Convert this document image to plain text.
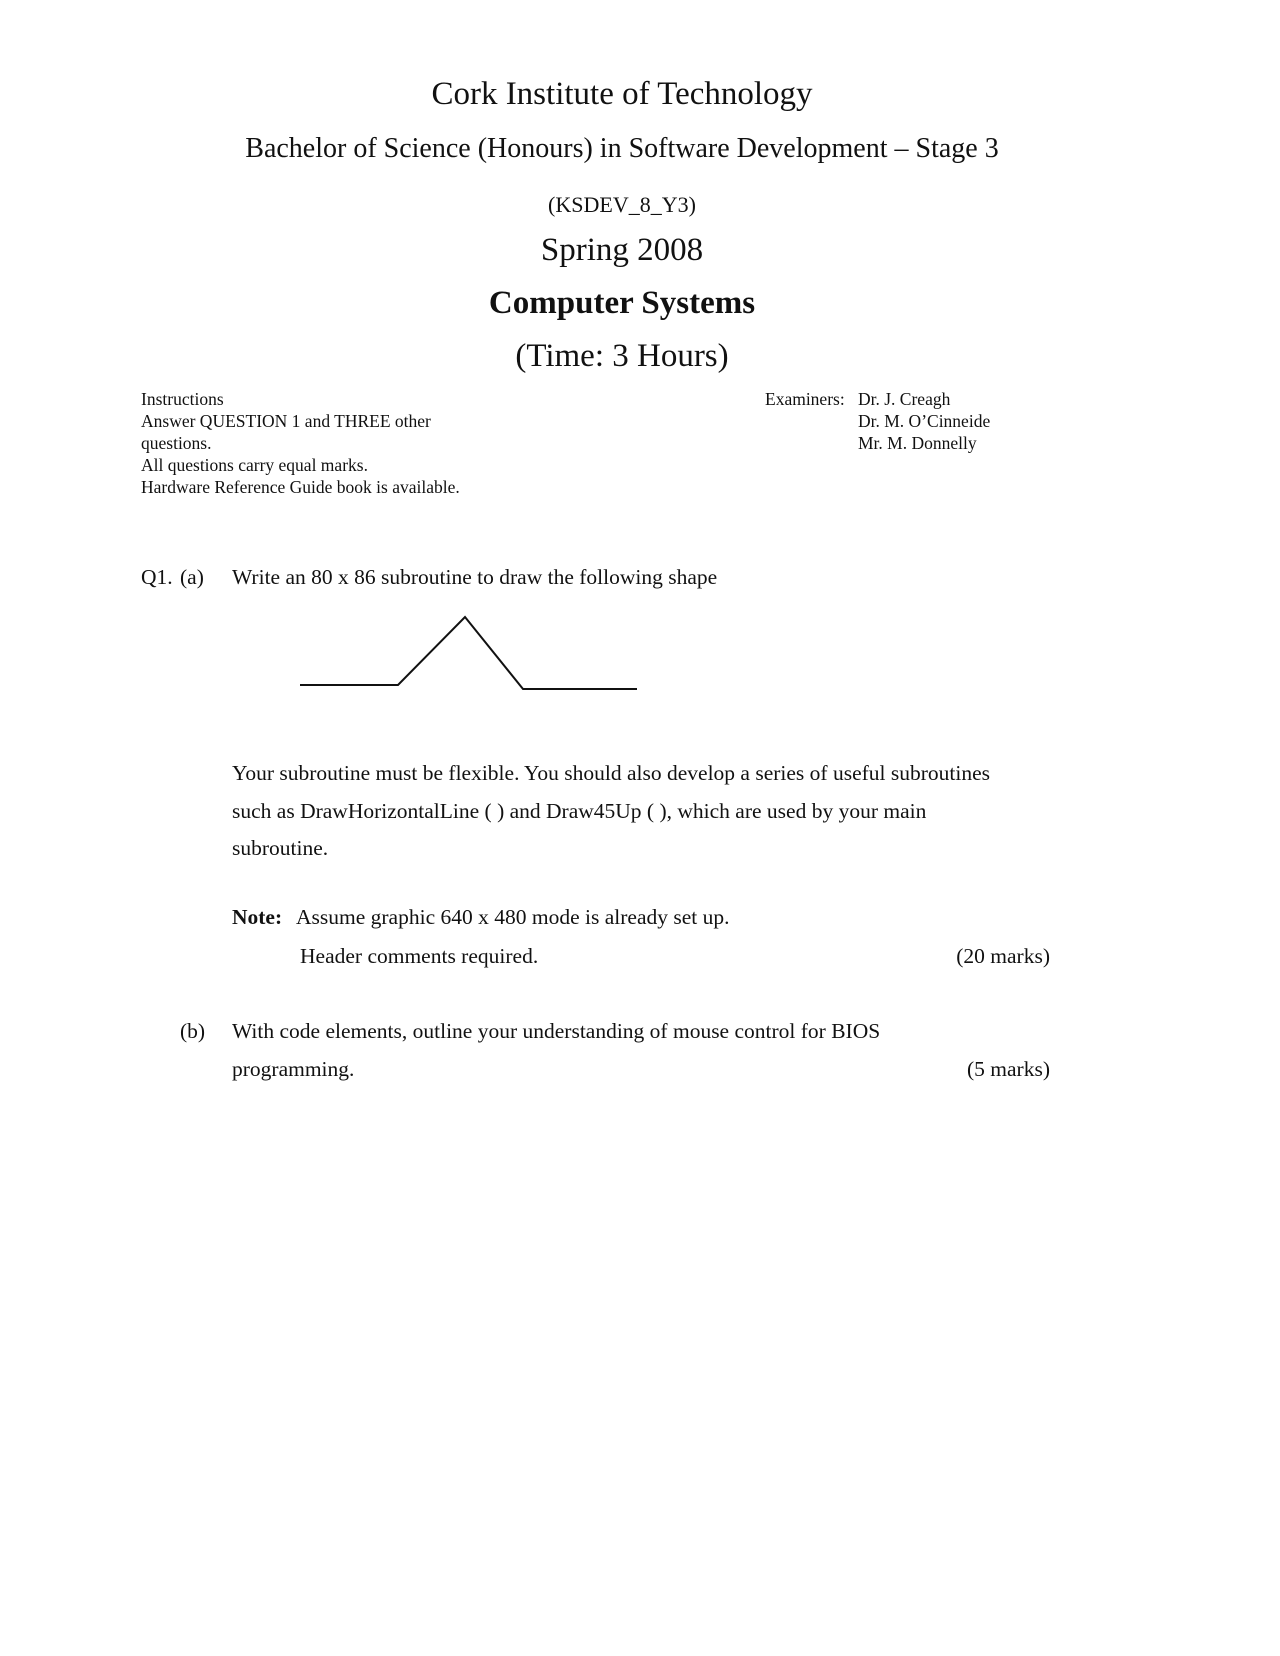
Cork Institute of Technology
Bachelor of Science (Honours) in Software Development – Stage 3
(KSDEV_8_Y3)
Spring 2008
Computer Systems
(Time: 3 Hours)
Instructions
Answer QUESTION 1 and THREE other
questions.
All questions carry equal marks.
Hardware Reference Guide book is available.
Examiners: Dr. J. Creagh
Dr. M. O’Cinneide
Mr. M. Donnelly
Q1. (a) Write an 80 x 86 subroutine to draw the following shape
Your subroutine must be flexible. You should also develop a series of useful subroutines
such as DrawHorizontalLine ( ) and Draw45Up ( ), which are used by your main
subroutine.
Note: Assume graphic 640 x 480 mode is already set up.
Header comments required.	(20 marks)
(b) With code elements, outline your understanding of mouse control for BIOS
programming.	(5 marks)
